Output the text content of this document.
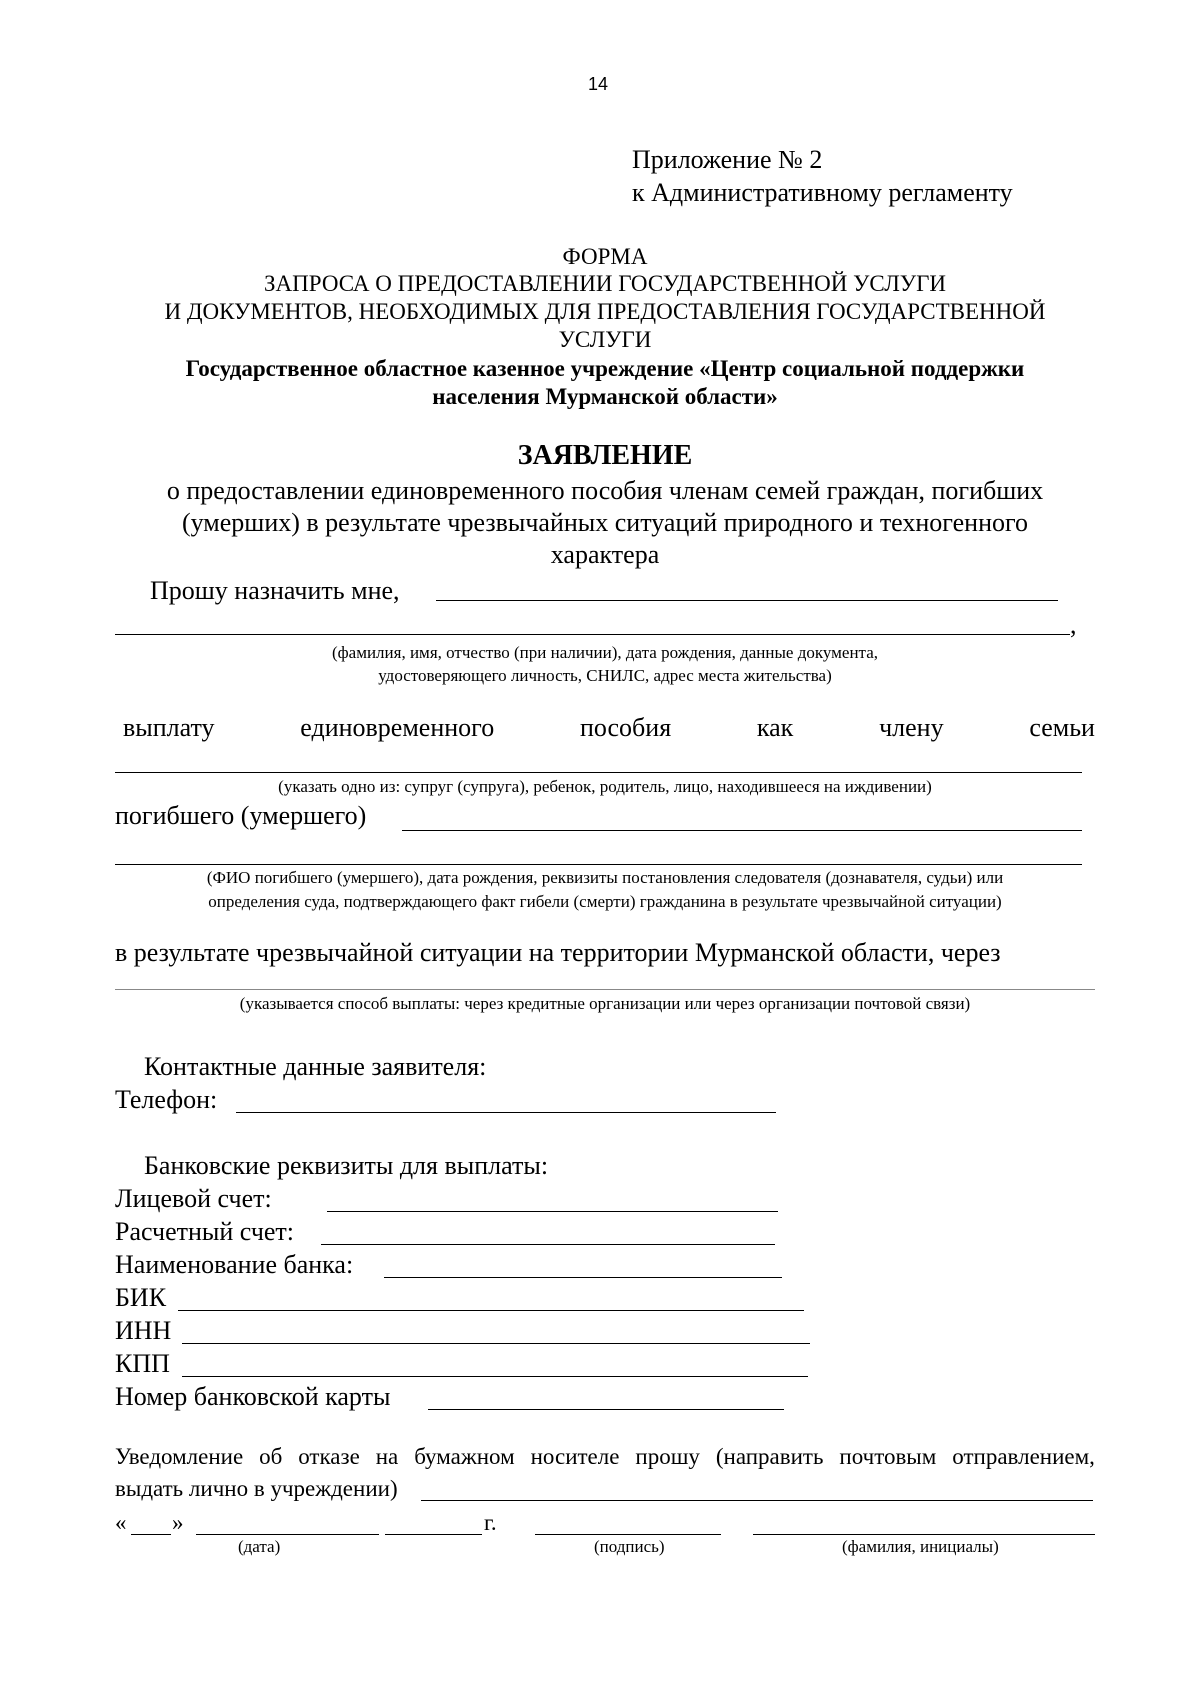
14
Приложение № 2
к Административному регламенту
ФОРМА
ЗАПРОСА О ПРЕДОСТАВЛЕНИИ ГОСУДАРСТВЕННОЙ УСЛУГИ
И ДОКУМЕНТОВ, НЕОБХОДИМЫХ ДЛЯ ПРЕДОСТАВЛЕНИЯ ГОСУДАРСТВЕННОЙ
УСЛУГИ
Государственное областное казенное учреждение «Центр социальной поддержки
населения Мурманской области»
ЗАЯВЛЕНИЕ
о предоставлении единовременного пособия членам семей граждан, погибших
(умерших) в результате чрезвычайных ситуаций природного и техногенного
характера
Прошу назначить мне,
,
(фамилия, имя, отчество (при наличии), дата рождения, данные документа,
удостоверяющего личность, СНИЛС, адрес места жительства)
выплату	единовременного	пособия	как	члену	семьи
(указать одно из: супруг (супруга), ребенок, родитель, лицо, находившееся на иждивении)
погибшего (умершего)
(ФИО погибшего (умершего), дата рождения, реквизиты постановления следователя (дознавателя, судьи) или
определения суда, подтверждающего факт гибели (смерти) гражданина в результате чрезвычайной ситуации)
в результате чрезвычайной ситуации на территории Мурманской области, через
(указывается способ выплаты: через кредитные организации или через организации почтовой связи)
Контактные данные заявителя:
Телефон:
Банковские реквизиты для выплаты:
Лицевой счет:
Расчетный счет:
Наименование банка:
БИК
ИНН
КПП
Номер банковской карты
Уведомление об отказе на бумажном носителе прошу (направить почтовым отправлением,
выдать лично в учреждении)
« »	г.
(дата)	(подпись)	(фамилия, инициалы)
